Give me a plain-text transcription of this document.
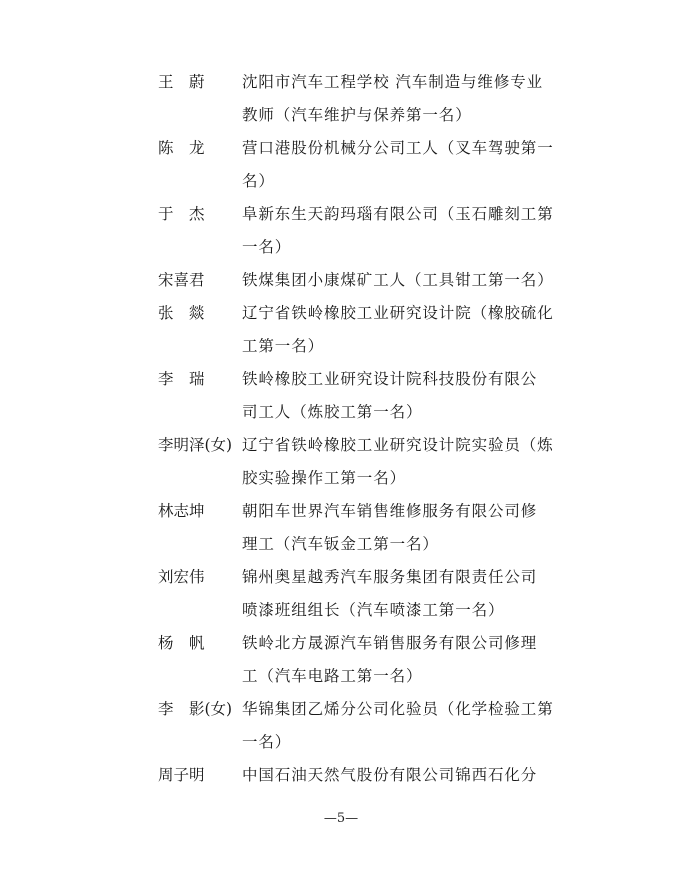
王　蔚	沈阳市汽车工程学校 汽车制造与维修专业
教师（汽车维护与保养第一名）
陈　龙	营口港股份机械分公司工人（叉车驾驶第一
名）
于　杰	阜新东生天韵玛瑙有限公司（玉石雕刻工第
一名）
宋喜君	铁煤集团小康煤矿工人（工具钳工第一名）
张　燚	辽宁省铁岭橡胶工业研究设计院（橡胶硫化
工第一名）
李　瑞	铁岭橡胶工业研究设计院科技股份有限公
司工人（炼胶工第一名）
李明泽(女) 辽宁省铁岭橡胶工业研究设计院实验员（炼
胶实验操作工第一名）
林志坤	朝阳车世界汽车销售维修服务有限公司修
理工（汽车钣金工第一名）
刘宏伟	锦州奥星越秀汽车服务集团有限责任公司
喷漆班组组长（汽车喷漆工第一名）
杨　帆	铁岭北方晟源汽车销售服务有限公司修理
工（汽车电路工第一名）
李　影(女) 华锦集团乙烯分公司化验员（化学检验工第
一名）
周子明	中国石油天然气股份有限公司锦西石化分
—5—
